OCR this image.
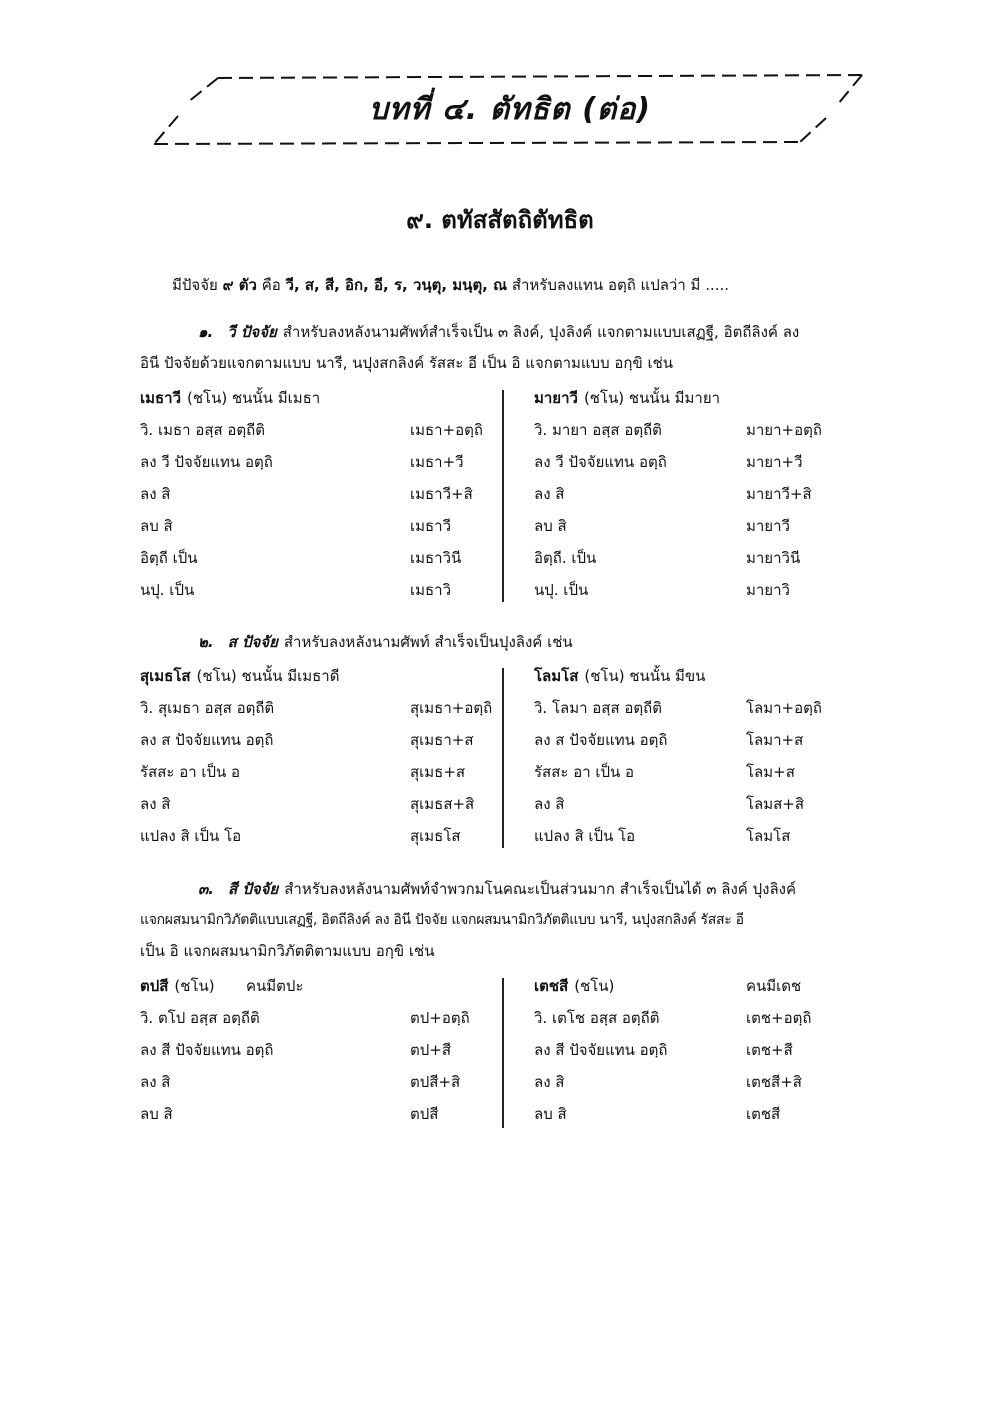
บทที่ ๔. ตัทธิต (ต่อ)
๙. ตทัสสัตถิตัทธิต
มีปัจจัย ๙ ตัว คือ วี, ส, สี, อิก, อี, ร, วนฺตุ, มนฺตุ, ณ สำหรับลงแทน อตฺถิ แปลว่า มี .....
๑. วี ปัจจัย สำหรับลงหลังนามศัพท์สำเร็จเป็น ๓ ลิงค์, ปุงลิงค์ แจกตามแบบเสฏฐี, อิตถีลิงค์ ลง
อินี ปัจจัยด้วยแจกตามแบบ นารี, นปุงสกลิงค์ รัสสะ อี เป็น อิ แจกตามแบบ อกฺขิ เช่น
เมธาวี (ชโน) ชนนั้น มีเมธา
วิ. เมธา อสฺส อตฺถีติ	เมธา+อตฺถิ
ลง วี ปัจจัยแทน อตฺถิ	เมธา+วี
ลง สิ	เมธาวี+สิ
ลบ สิ	เมธาวี
อิตฺถี เป็น	เมธาวินี
นปุ. เป็น	เมธาวิ
มายาวี (ชโน) ชนนั้น มีมายา
วิ. มายา อสฺส อตฺถีติ	มายา+อตฺถิ
ลง วี ปัจจัยแทน อตฺถิ	มายา+วี
ลง สิ	มายาวี+สิ
ลบ สิ	มายาวี
อิตฺถี. เป็น	มายาวินี
นปุ. เป็น	มายาวิ
๒. ส ปัจจัย สำหรับลงหลังนามศัพท์ สำเร็จเป็นปุงลิงค์ เช่น
สุเมธโส (ชโน) ชนนั้น มีเมธาดี
วิ. สุเมธา อสฺส อตฺถีติ	สุเมธา+อตฺถิ
ลง ส ปัจจัยแทน อตฺถิ	สุเมธา+ส
รัสสะ อา เป็น อ	สุเมธ+ส
ลง สิ	สุเมธส+สิ
แปลง สิ เป็น โอ	สุเมธโส
โลมโส (ชโน) ชนนั้น มีขน
วิ. โลมา อสฺส อตฺถีติ	โลมา+อตฺถิ
ลง ส ปัจจัยแทน อตฺถิ	โลมา+ส
รัสสะ อา เป็น อ	โลม+ส
ลง สิ	โลมส+สิ
แปลง สิ เป็น โอ	โลมโส
๓. สี ปัจจัย สำหรับลงหลังนามศัพท์จำพวกมโนคณะเป็นส่วนมาก สำเร็จเป็นได้ ๓ ลิงค์ ปุงลิงค์
แจกผสมนามิกวิภัตติแบบเสฏฐี, อิตถีลิงค์ ลง อินี ปัจจัย แจกผสมนามิกวิภัตติแบบ นารี, นปุงสกลิงค์ รัสสะ อี
เป็น อิ แจกผสมนามิกวิภัตติตามแบบ อกฺขิ เช่น
ตปสี (ชโน) คนมีตปะ
วิ. ตโป อสฺส อตฺถีติ	ตป+อตฺถิ
ลง สี ปัจจัยแทน อตฺถิ	ตป+สี
ลง สิ	ตปสี+สิ
ลบ สิ	ตปสี
เตชสี (ชโน)	คนมีเดช
วิ. เตโช อสฺส อตฺถีติ	เตช+อตฺถิ
ลง สี ปัจจัยแทน อตฺถิ	เตช+สี
ลง สิ	เตชสี+สิ
ลบ สิ	เตชสี
